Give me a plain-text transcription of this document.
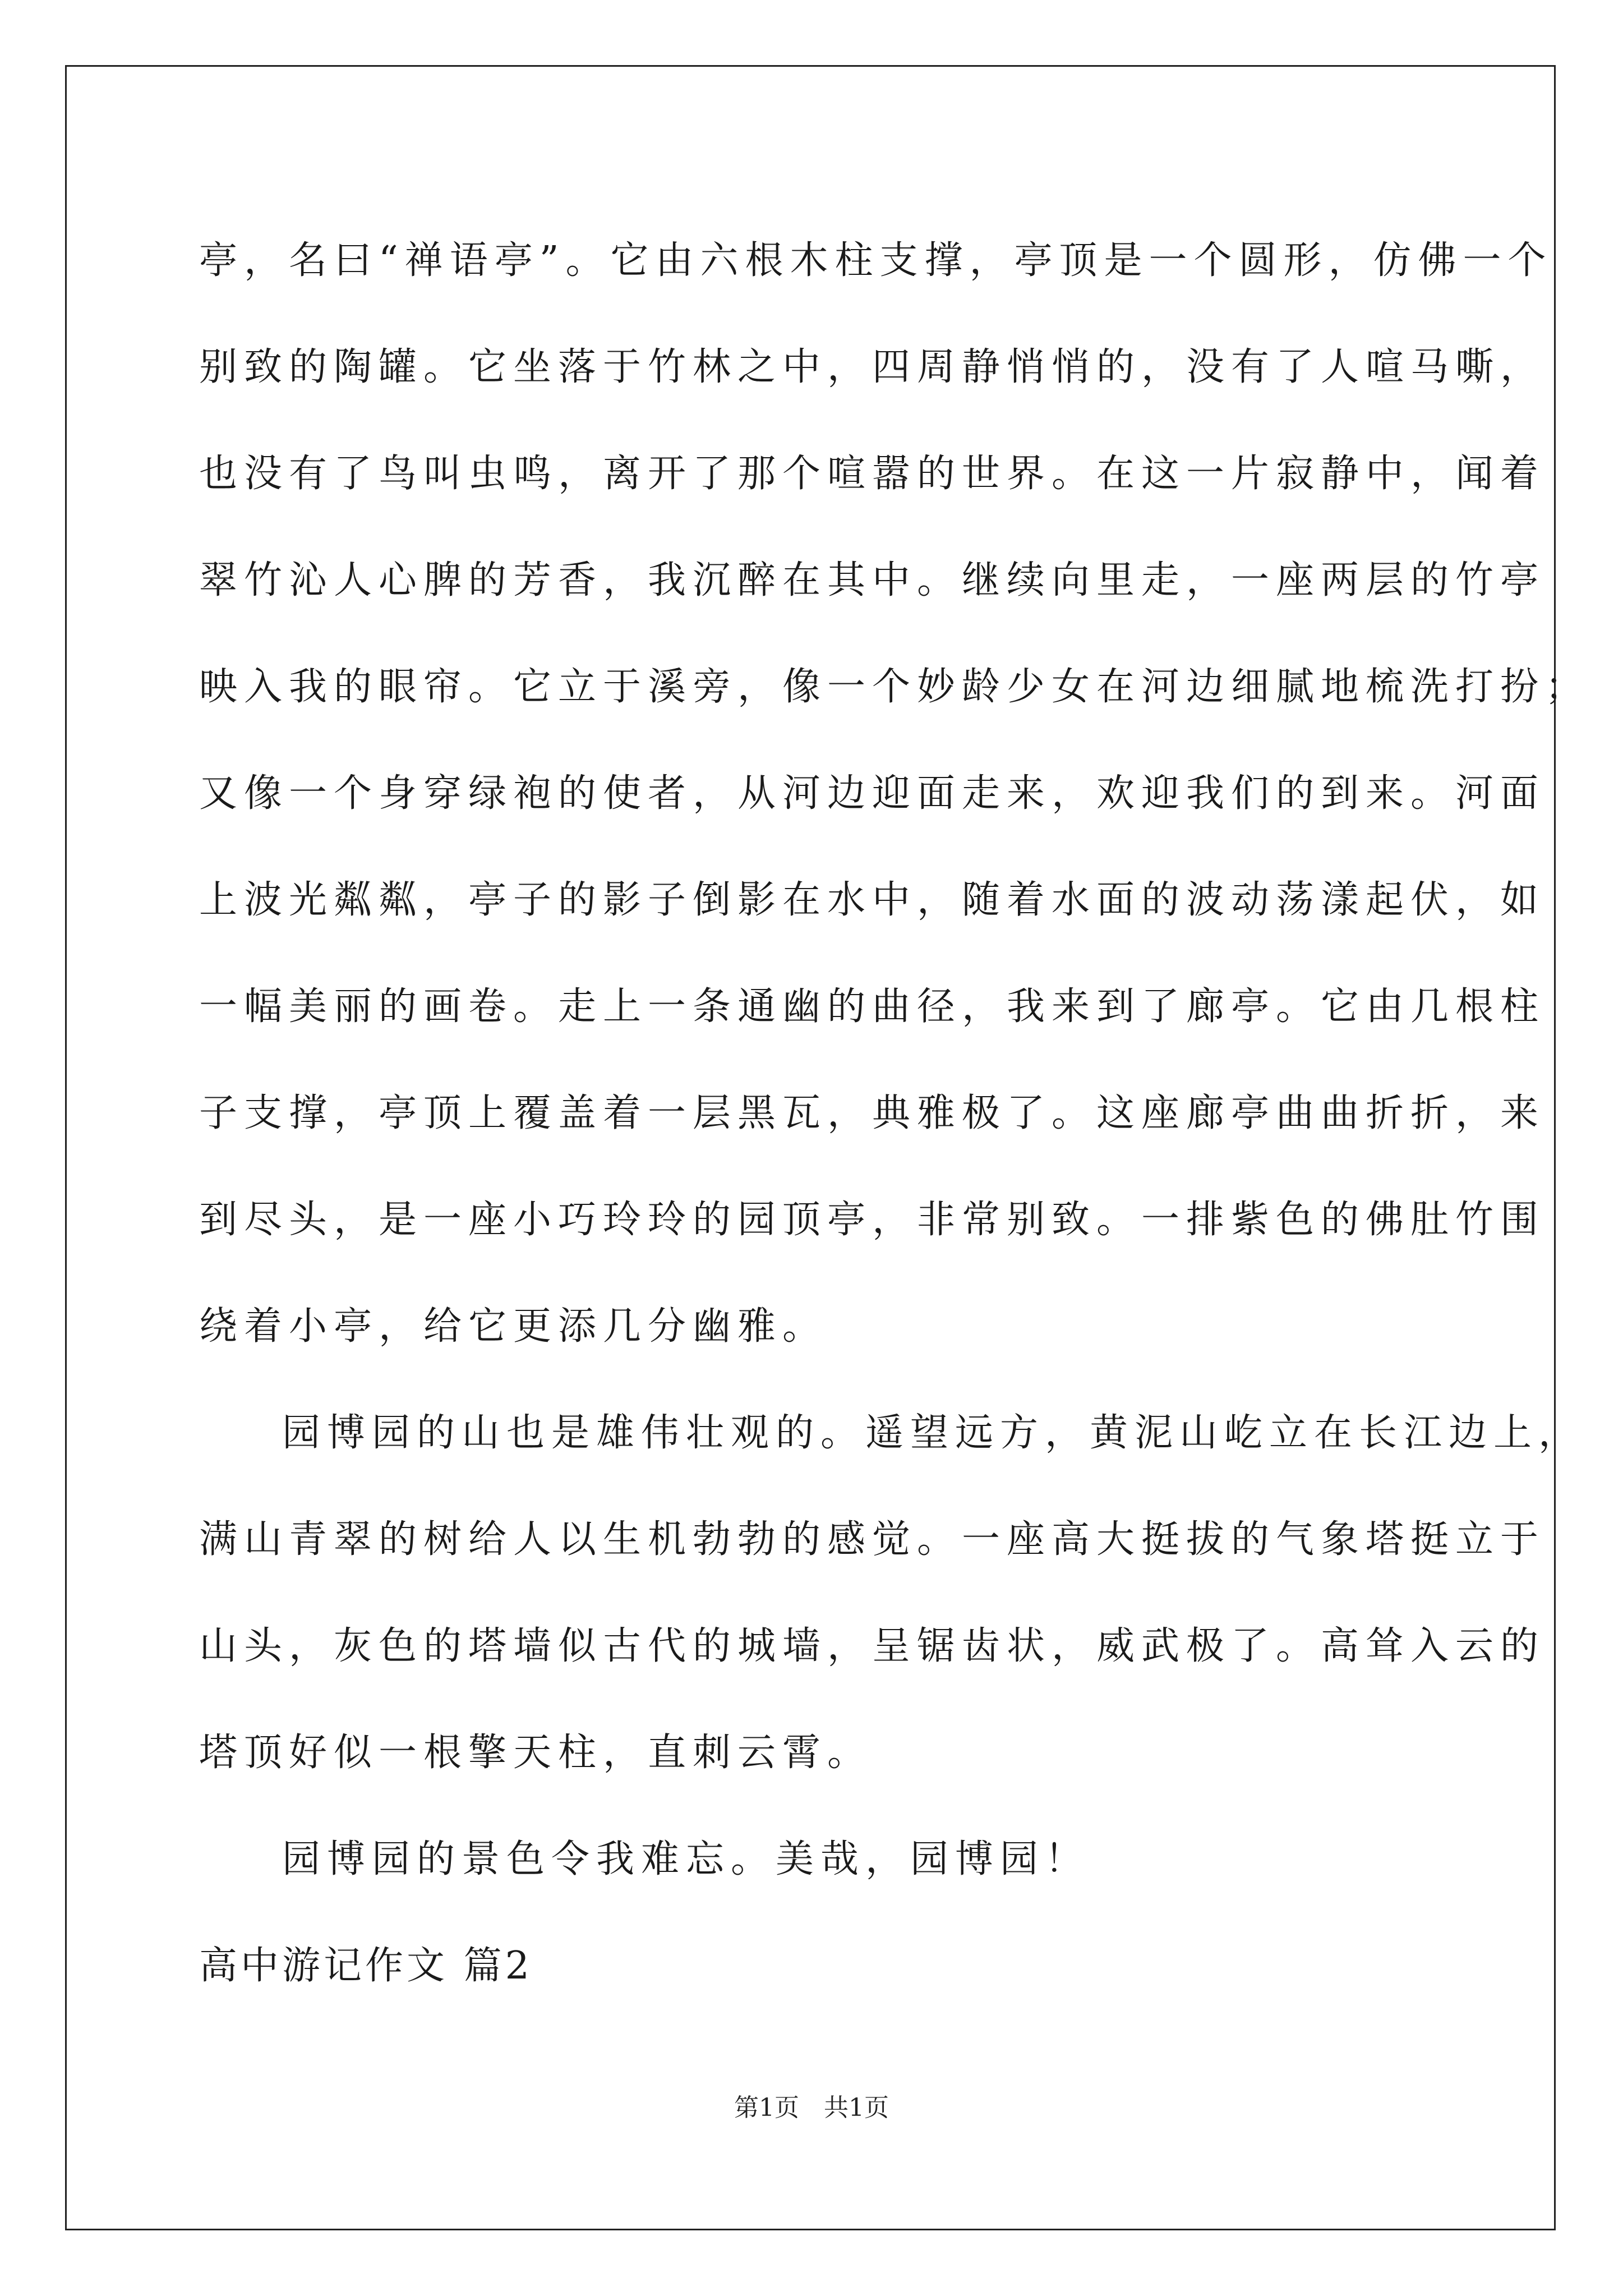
亭，名曰“禅语亭”。它由六根木柱支撑，亭顶是一个圆形，仿佛一个

别致的陶罐。它坐落于竹林之中，四周静悄悄的，没有了人喧马嘶，

也没有了鸟叫虫鸣，离开了那个喧嚣的世界。在这一片寂静中，闻着

翠竹沁人心脾的芳香，我沉醉在其中。继续向里走，一座两层的竹亭

映入我的眼帘。它立于溪旁，像一个妙龄少女在河边细腻地梳洗打扮；

又像一个身穿绿袍的使者，从河边迎面走来，欢迎我们的到来。河面

上波光粼粼，亭子的影子倒影在水中，随着水面的波动荡漾起伏，如

一幅美丽的画卷。走上一条通幽的曲径，我来到了廊亭。它由几根柱

子支撑，亭顶上覆盖着一层黑瓦，典雅极了。这座廊亭曲曲折折，来

到尽头，是一座小巧玲玲的园顶亭，非常别致。一排紫色的佛肚竹围

绕着小亭，给它更添几分幽雅。

园博园的山也是雄伟壮观的。遥望远方，黄泥山屹立在长江边上，

满山青翠的树给人以生机勃勃的感觉。一座高大挺拔的气象塔挺立于

山头，灰色的塔墙似古代的城墙，呈锯齿状，威武极了。高耸入云的

塔顶好似一根擎天柱，直刺云霄。

园博园的景色令我难忘。美哉，园博园！

高中游记作文 篇2
第1页　共1页
